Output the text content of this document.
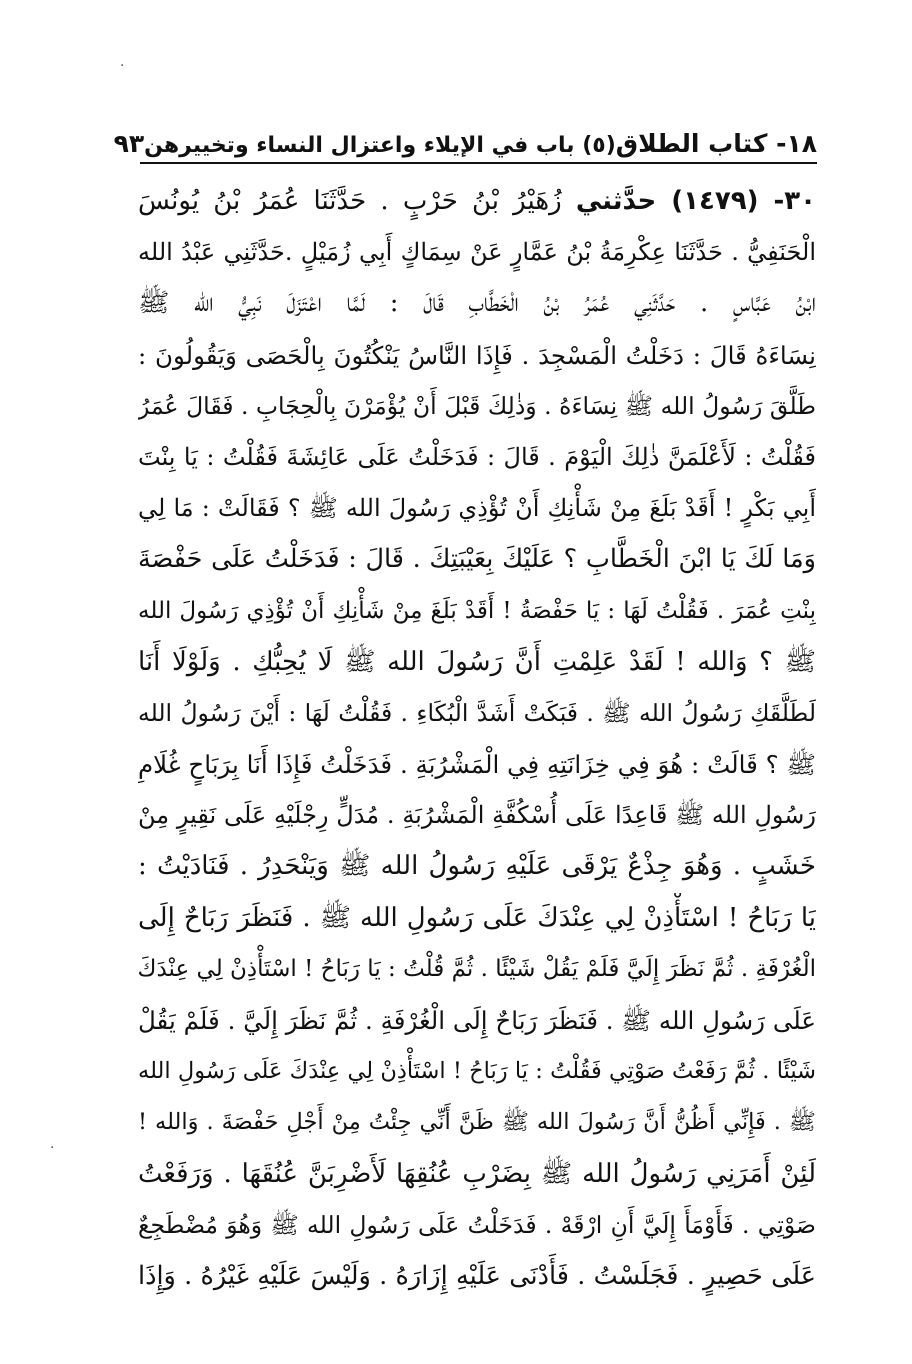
·
·
١٨- كتاب الطلاق
(٥) باب في الإيلاء واعتزال النساء وتخييرهن
٩٣
٣٠- (١٤٧٩) حدَّثني زُهَيْرُ بْنُ حَرْبٍ . حَدَّثَنَا عُمَرُ بْنُ يُونُسَ
الْحَنَفِيُّ . حَدَّثَنَا عِكْرِمَةُ بْنُ عَمَّارٍ عَنْ سِمَاكٍ أَبِي زُمَيْلٍ .حَدَّثَنِي عَبْدُ الله
ابْنُ عَبَّاسٍ . حَدَّثَنِي عُمَرُ بْنُ الْخَطَّابِ قَالَ : لَمَّا اعْتَزَلَ نَبِيُّ الله ﷺ
نِسَاءَهُ قَالَ : دَخَلْتُ الْمَسْجِدَ . فَإِذَا النَّاسُ يَنْكُتُونَ بِالْحَصَى وَيَقُولُونَ :
طَلَّقَ رَسُولُ الله ﷺ نِسَاءَهُ . وَذٰلِكَ قَبْلَ أَنْ يُؤْمَرْنَ بِالْحِجَابِ . فَقَالَ عُمَرُ
فَقُلْتُ : لَأَعْلَمَنَّ ذٰلِكَ الْيَوْمَ . قَالَ : فَدَخَلْتُ عَلَى عَائِشَةَ فَقُلْتُ : يَا بِنْتَ
أَبِي بَكْرٍ ! أَقَدْ بَلَغَ مِنْ شَأْنِكِ أَنْ تُؤْذِي رَسُولَ الله ﷺ ؟ فَقَالَتْ : مَا لِي
وَمَا لَكَ يَا ابْنَ الْخَطَّابِ ؟ عَلَيْكَ بِعَيْبَتِكَ . قَالَ : فَدَخَلْتُ عَلَى حَفْصَةَ
بِنْتِ عُمَرَ . فَقُلْتُ لَهَا : يَا حَفْصَةُ ! أَقَدْ بَلَغَ مِنْ شَأْنِكِ أَنْ تُؤْذِي رَسُولَ الله
ﷺ ؟ وَالله ! لَقَدْ عَلِمْتِ أَنَّ رَسُولَ الله ﷺ لَا يُحِبُّكِ . وَلَوْلَا أَنَا
لَطَلَّقَكِ رَسُولُ الله ﷺ . فَبَكَتْ أَشَدَّ الْبُكَاءِ . فَقُلْتُ لَهَا : أَيْنَ رَسُولُ الله
ﷺ ؟ قَالَتْ : هُوَ فِي خِزَانَتِهِ فِي الْمَشْرُبَةِ . فَدَخَلْتُ فَإِذَا أَنَا بِرَبَاحٍ غُلَامِ
رَسُولِ الله ﷺ قَاعِدًا عَلَى أُسْكُفَّةِ الْمَشْرُبَةِ . مُدَلٍّ رِجْلَيْهِ عَلَى نَقِيرٍ مِنْ
خَشَبٍ . وَهُوَ جِذْعٌ يَرْقَى عَلَيْهِ رَسُولُ الله ﷺ وَيَنْحَدِرُ . فَنَادَيْتُ :
يَا رَبَاحُ ! اسْتَأْذِنْ لِي عِنْدَكَ عَلَى رَسُولِ الله ﷺ . فَنَظَرَ رَبَاحٌ إِلَى
الْغُرْفَةِ . ثُمَّ نَظَرَ إِلَيَّ فَلَمْ يَقُلْ شَيْئًا . ثُمَّ قُلْتُ : يَا رَبَاحُ ! اسْتَأْذِنْ لِي عِنْدَكَ
عَلَى رَسُولِ الله ﷺ . فَنَظَرَ رَبَاحٌ إِلَى الْغُرْفَةِ . ثُمَّ نَظَرَ إِلَيَّ . فَلَمْ يَقُلْ
شَيْئًا . ثُمَّ رَفَعْتُ صَوْتِي فَقُلْتُ : يَا رَبَاحُ ! اسْتَأْذِنْ لِي عِنْدَكَ عَلَى رَسُولِ الله
ﷺ . فَإِنِّي أَظُنُّ أَنَّ رَسُولَ الله ﷺ ظَنَّ أَنِّي جِئْتُ مِنْ أَجْلِ حَفْصَةَ . وَالله !
لَئِنْ أَمَرَنِي رَسُولُ الله ﷺ بِضَرْبِ عُنُقِهَا لَأَضْرِبَنَّ عُنُقَهَا . وَرَفَعْتُ
صَوْتِي . فَأَوْمَأَ إِلَيَّ أَنِ ارْقَهْ . فَدَخَلْتُ عَلَى رَسُولِ الله ﷺ وَهُوَ مُضْطَجِعٌ
عَلَى حَصِيرٍ . فَجَلَسْتُ . فَأَدْنَى عَلَيْهِ إِزَارَهُ . وَلَيْسَ عَلَيْهِ غَيْرُهُ . وَإِذَا
